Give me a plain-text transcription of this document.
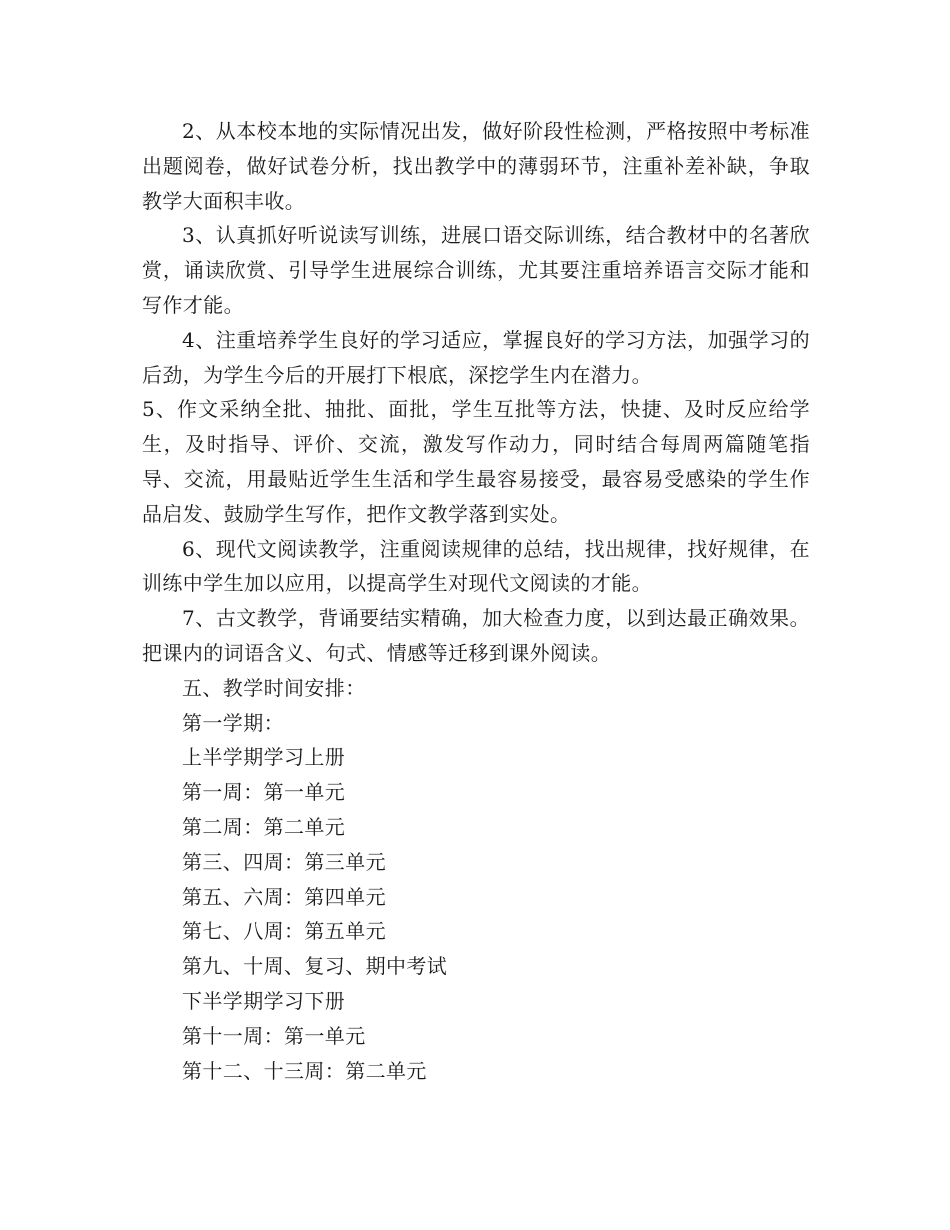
2、从本校本地的实际情况出发，做好阶段性检测，严格按照中考标准出题阅卷，做好试卷分析，找出教学中的薄弱环节，注重补差补缺，争取教学大面积丰收。

3、认真抓好听说读写训练，进展口语交际训练，结合教材中的名著欣赏，诵读欣赏、引导学生进展综合训练，尤其要注重培养语言交际才能和写作才能。

4、注重培养学生良好的学习适应，掌握良好的学习方法，加强学习的后劲，为学生今后的开展打下根底，深挖学生内在潜力。

5、作文采纳全批、抽批、面批，学生互批等方法，快捷、及时反应给学生，及时指导、评价、交流，激发写作动力，同时结合每周两篇随笔指导、交流，用最贴近学生生活和学生最容易接受，最容易受感染的学生作品启发、鼓励学生写作，把作文教学落到实处。

6、现代文阅读教学，注重阅读规律的总结，找出规律，找好规律，在训练中学生加以应用，以提高学生对现代文阅读的才能。

7、古文教学，背诵要结实精确，加大检查力度，以到达最正确效果。把课内的词语含义、句式、情感等迁移到课外阅读。

五、教学时间安排：

第一学期：

上半学期学习上册

第一周：第一单元

第二周：第二单元

第三、四周：第三单元

第五、六周：第四单元

第七、八周：第五单元

第九、十周、复习、期中考试

下半学期学习下册

第十一周：第一单元

第十二、十三周：第二单元
